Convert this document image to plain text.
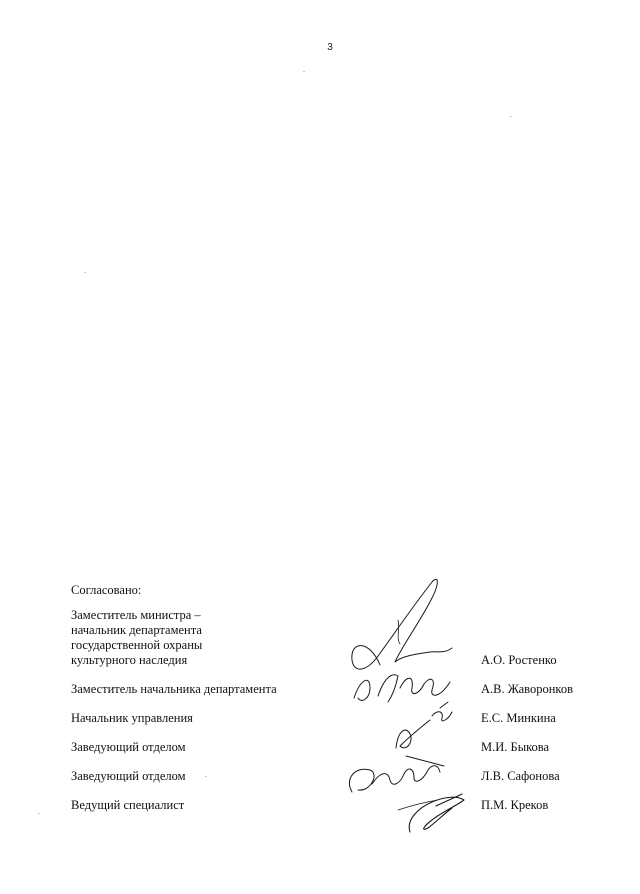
3
Согласовано:
Заместитель министра –
начальник департамента
государственной охраны
культурного наследия	А.О. Ростенко
Заместитель начальника департамента	А.В. Жаворонков
Начальник управления	Е.С. Минкина
Заведующий отделом	М.И. Быкова
Заведующий отделом	Л.В. Сафонова
Ведущий специалист	П.М. Креков
